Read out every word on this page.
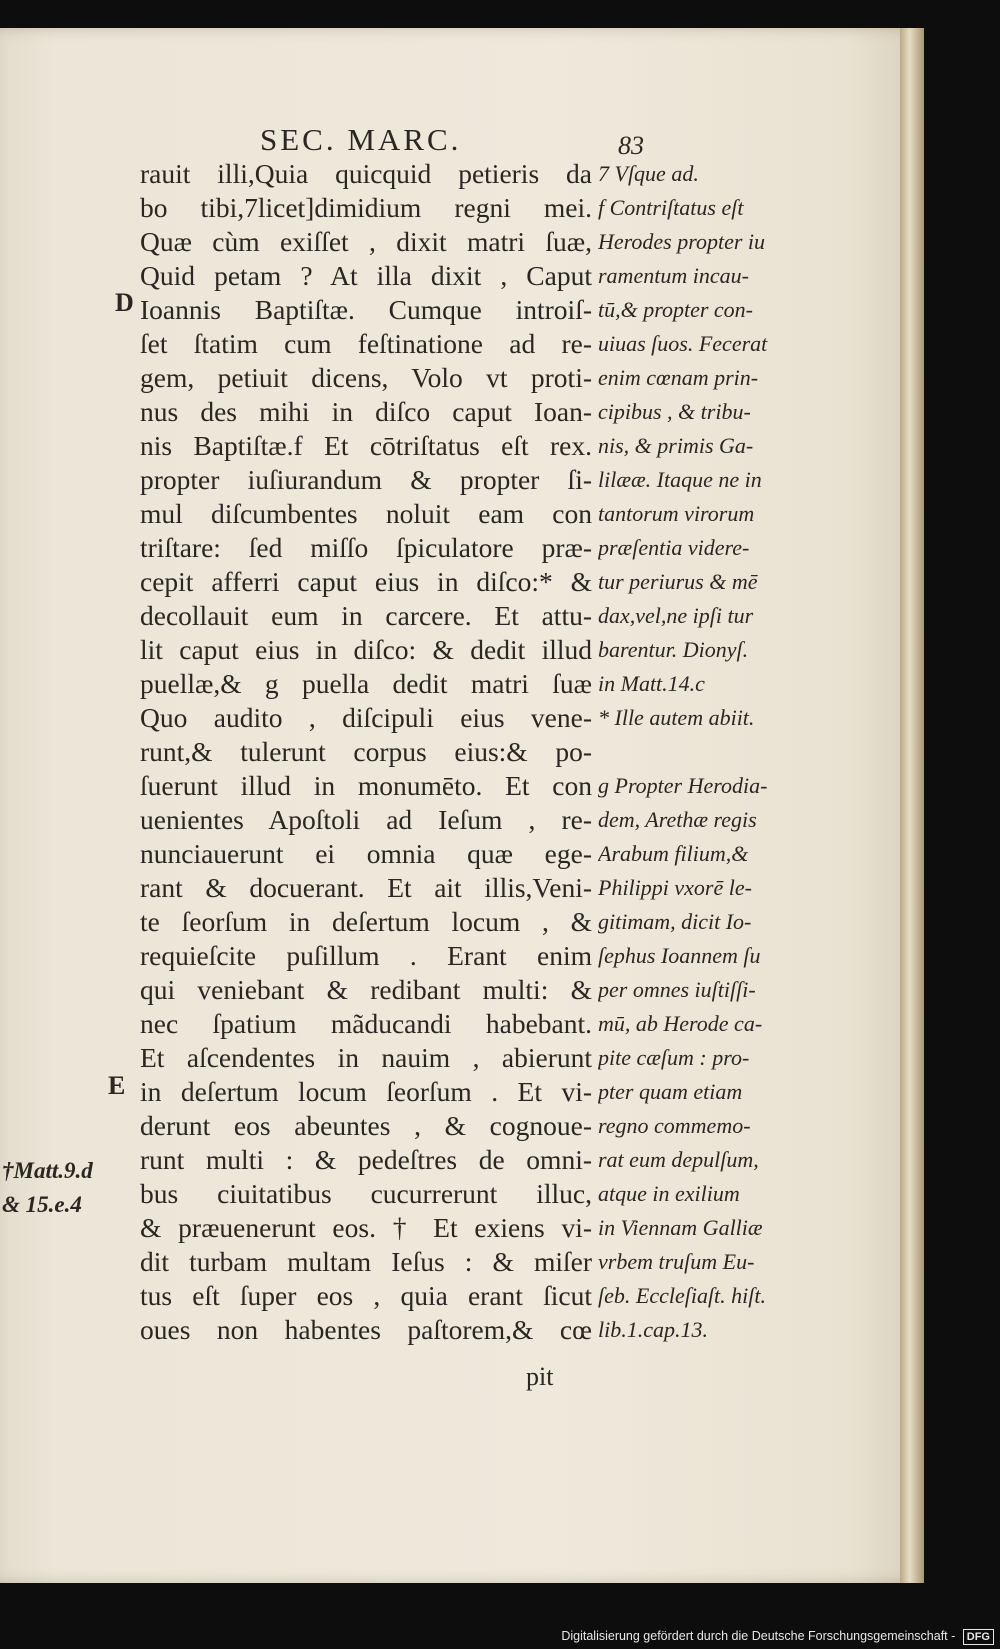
SEC. MARC.	83
rauit illi,Quia quicquid petieris da
bo tibi,7licet]dimidium regni mei.
Quæ cùm exiſſet , dixit matri ſuæ,
Quid petam ? At illa dixit , Caput
Ioannis Baptiſtæ. Cumque introiſ-
ſet ſtatim cum feſtinatione ad re-
gem, petiuit dicens, Volo vt proti-
nus des mihi in diſco caput Ioan-
nis Baptiſtæ.f Et cōtriſtatus eſt rex.
propter iuſiurandum & propter ſi-
mul diſcumbentes noluit eam con
triſtare: ſed miſſo ſpiculatore præ-
cepit afferri caput eius in diſco:* &
decollauit eum in carcere. Et attu-
lit caput eius in diſco: & dedit illud
puellæ,& g puella dedit matri ſuæ
Quo audito , diſcipuli eius vene-
runt,& tulerunt corpus eius:& po-
ſuerunt illud in monumēto. Et con
uenientes Apoſtoli ad Ieſum , re-
nunciauerunt ei omnia quæ ege-
rant & docuerant. Et ait illis,Veni-
te ſeorſum in deſertum locum , &
requieſcite puſillum . Erant enim
qui veniebant & redibant multi: &
nec ſpatium mãducandi habebant.
Et aſcendentes in nauim , abierunt
in deſertum locum ſeorſum . Et vi-
derunt eos abeuntes , & cognoue-
runt multi : & pedeſtres de omni-
bus ciuitatibus cucurrerunt illuc,
& præuenerunt eos. † Et exiens vi-
dit turbam multam Ieſus : & miſer
tus eſt ſuper eos , quia erant ſicut
oues non habentes paſtorem,& cœ
7 Vſque ad.
f Contriſtatus eſt
Herodes propter iu
ramentum incau-
tū,& propter con-
uiuas ſuos. Fecerat
enim cœnam prin-
cipibus , & tribu-
nis, & primis Ga-
lilææ. Itaque ne in
tantorum virorum
præſentia videre-
tur periurus & mē
dax,vel,ne ipſi tur
barentur. Dionyſ.
in Matt.14.c
* Ille autem abiit.
g Propter Herodia-
dem, Arethæ regis
Arabum filium,&
Philippi vxorē le-
gitimam, dicit Io-
ſephus Ioannem ſu
per omnes iuſtiſſi-
mū, ab Herode ca-
pite cæſum : pro-
pter quam etiam
regno commemo-
rat eum depulſum,
atque in exilium
in Viennam Galliæ
vrbem truſum Eu-
ſeb. Eccleſiaſt. hiſt.
lib.1.cap.13.
D
E
†Matt.9.d
& 15.e.4
pit
Digitalisierung gefördert durch die Deutsche Forschungsgemeinschaft - DFG
